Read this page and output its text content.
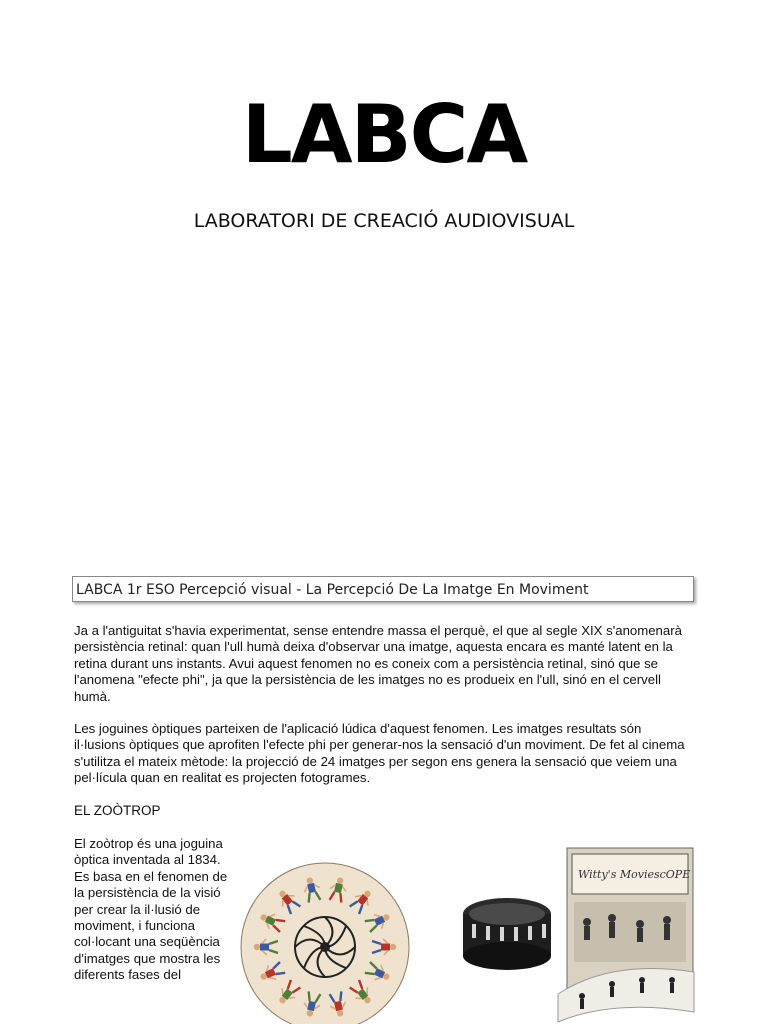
LABCA
LABORATORI DE CREACIÓ AUDIOVISUAL
LABCA 1r ESO Percepció visual - La Percepció De La Imatge En Moviment
Ja a l'antiguitat s'havia experimentat, sense entendre massa el perquè, el que al segle XIX s'anomenarà persistència retinal: quan l'ull humà deixa d'observar una imatge, aquesta encara es manté latent en la retina durant uns instants. Avui aquest fenomen no es coneix com a persistència retinal, sinó que se l'anomena "efecte phi", ja que la persistència de les imatges no es produeix en l'ull, sinó en el cervell humà.
Les joguines òptiques parteixen de l'aplicació lúdica d'aquest fenomen. Les imatges resultats són il·lusions òptiques que aprofiten l'efecte phi per generar-nos la sensació d'un moviment. De fet al cinema s'utilitza el mateix mètode: la projecció de 24 imatges per segon ens genera la sensació que veiem una pel·lícula quan en realitat es projecten fotogrames.
EL ZOÒTROP
El zoòtrop és una joguina òptica inventada al 1834. Es basa en el fenomen de la persistència de la visió per crear la il·lusió de moviment, i funciona col·locant una seqüència d'imatges que mostra les diferents fases del
Witty's MoviescOPE
